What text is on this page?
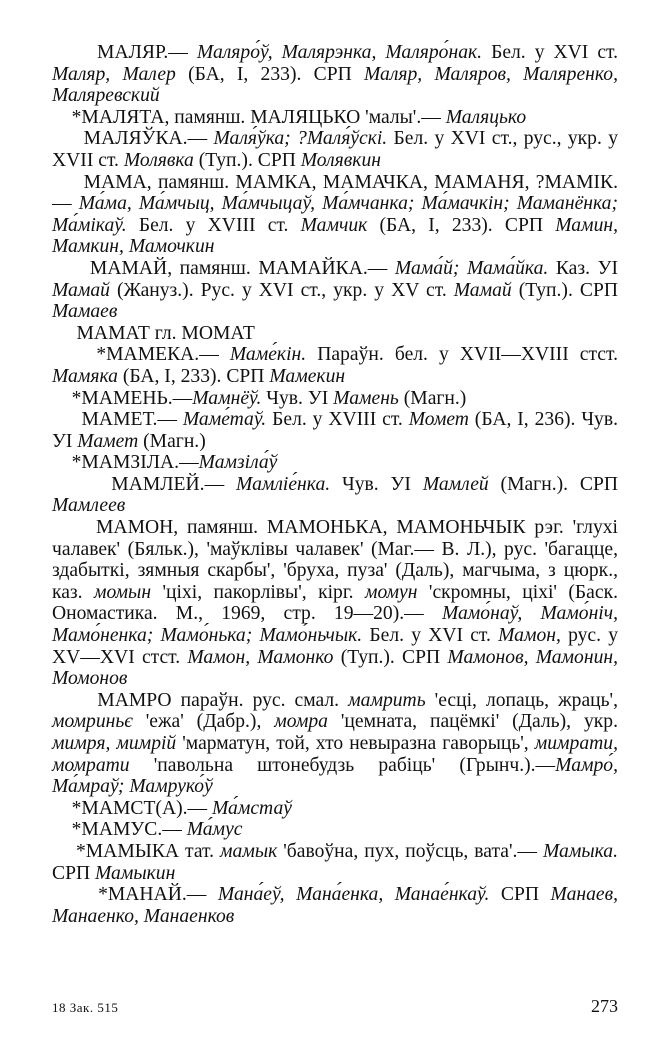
МАЛЯР.— Маляро́ў, Малярэнка, Маляро́нак. Бел. у XVI ст. Маляр, Малер (БА, І, 233). СРП Маляр, Маляров, Маляренко, Маляревский

*МАЛЯТА, памянш. МАЛЯЦЬКО 'малы'.— Маляцько

МАЛЯЎКА.— Маля́ўка; ?Маля́ўскі. Бел. у XVI ст., рус., укр. у XVII ст. Молявка (Туп.). СРП Молявкин

МАМА, памянш. МАМКА, МАМАЧКА, МАМАНЯ, ?МАМІК.— Ма́ма, Ма́мчыц, Ма́мчыцаў, Ма́мчанка; Ма́мачкін; Маманёнка; Ма́мікаў. Бел. у XVIII ст. Мамчик (БА, І, 233). СРП Мамин, Мамкин, Мамочкин

МАМАЙ, памянш. МАМАЙКА.— Мама́й; Мама́йка. Каз. УІ Мамай (Жануз.). Рус. у XVI ст., укр. у XV ст. Мамай (Туп.). СРП Мамаев

МАМАТ гл. МОМАТ

*МАМЕКА.— Маме́кін. Параўн. бел. у XVII—XVIII стст. Мамяка (БА, І, 233). СРП Мамекин

*МАМЕНЬ.—Мамнёў. Чув. УІ Мамень (Магн.)

МАМЕТ.— Маме́таў. Бел. у XVIII ст. Момет (БА, І, 236). Чув. УІ Мамет (Магн.)

*МАМЗІЛА.—Мамзіла́ў

МАМЛЕЙ.— Мамліе́нка. Чув. УІ Мамлей (Магн.). СРП Мамлеев

МАМОН, памянш. МАМОНЬКА, МАМОНЬЧЫК рэг. 'глухі чалавек' (Бяльк.), 'маўклівы чалавек' (Маг.— В. Л.), рус. 'багацце, здабыткі, зямныя скарбы', 'бруха, пуза' (Даль), магчыма, з цюрк., каз. момын 'ціхі, пакорлівы', кірг. момун 'скромны, ціхі' (Баск. Ономастика. М., 1969, стр. 19—20).— Мамо́наў, Мамо́ніч, Мамо́ненка; Мамо́нька; Мамо́ньчык. Бел. у XVI ст. Мамон, рус. у XV—XVI стст. Мамон, Мамонко (Туп.). СРП Мамонов, Мамонин, Момонов

МАМРО параўн. рус. смал. мамрить 'есці, лопаць, жраць', момриньє 'ежа' (Дабр.), момра 'цемната, пацёмкі' (Даль), укр. мимря, мимрій 'марматун, той, хто невыразна гаворыць', мимрати, момрати 'павольна штонебудзь рабіць' (Грынч.).—Мамро́, Ма́мраў; Мамруко́ў

*МАМСТ(А).— Ма́мстаў

*МАМУС.— Ма́мус

*МАМЫКА тат. мамык 'бавоўна, пух, поўсць, вата'.— Мамыка. СРП Мамыкин

*МАНАЙ.— Мана́еў, Мана́енка, Манае́нкаў. СРП Манаев, Манаенко, Манаенков

18 Зак. 515	273
